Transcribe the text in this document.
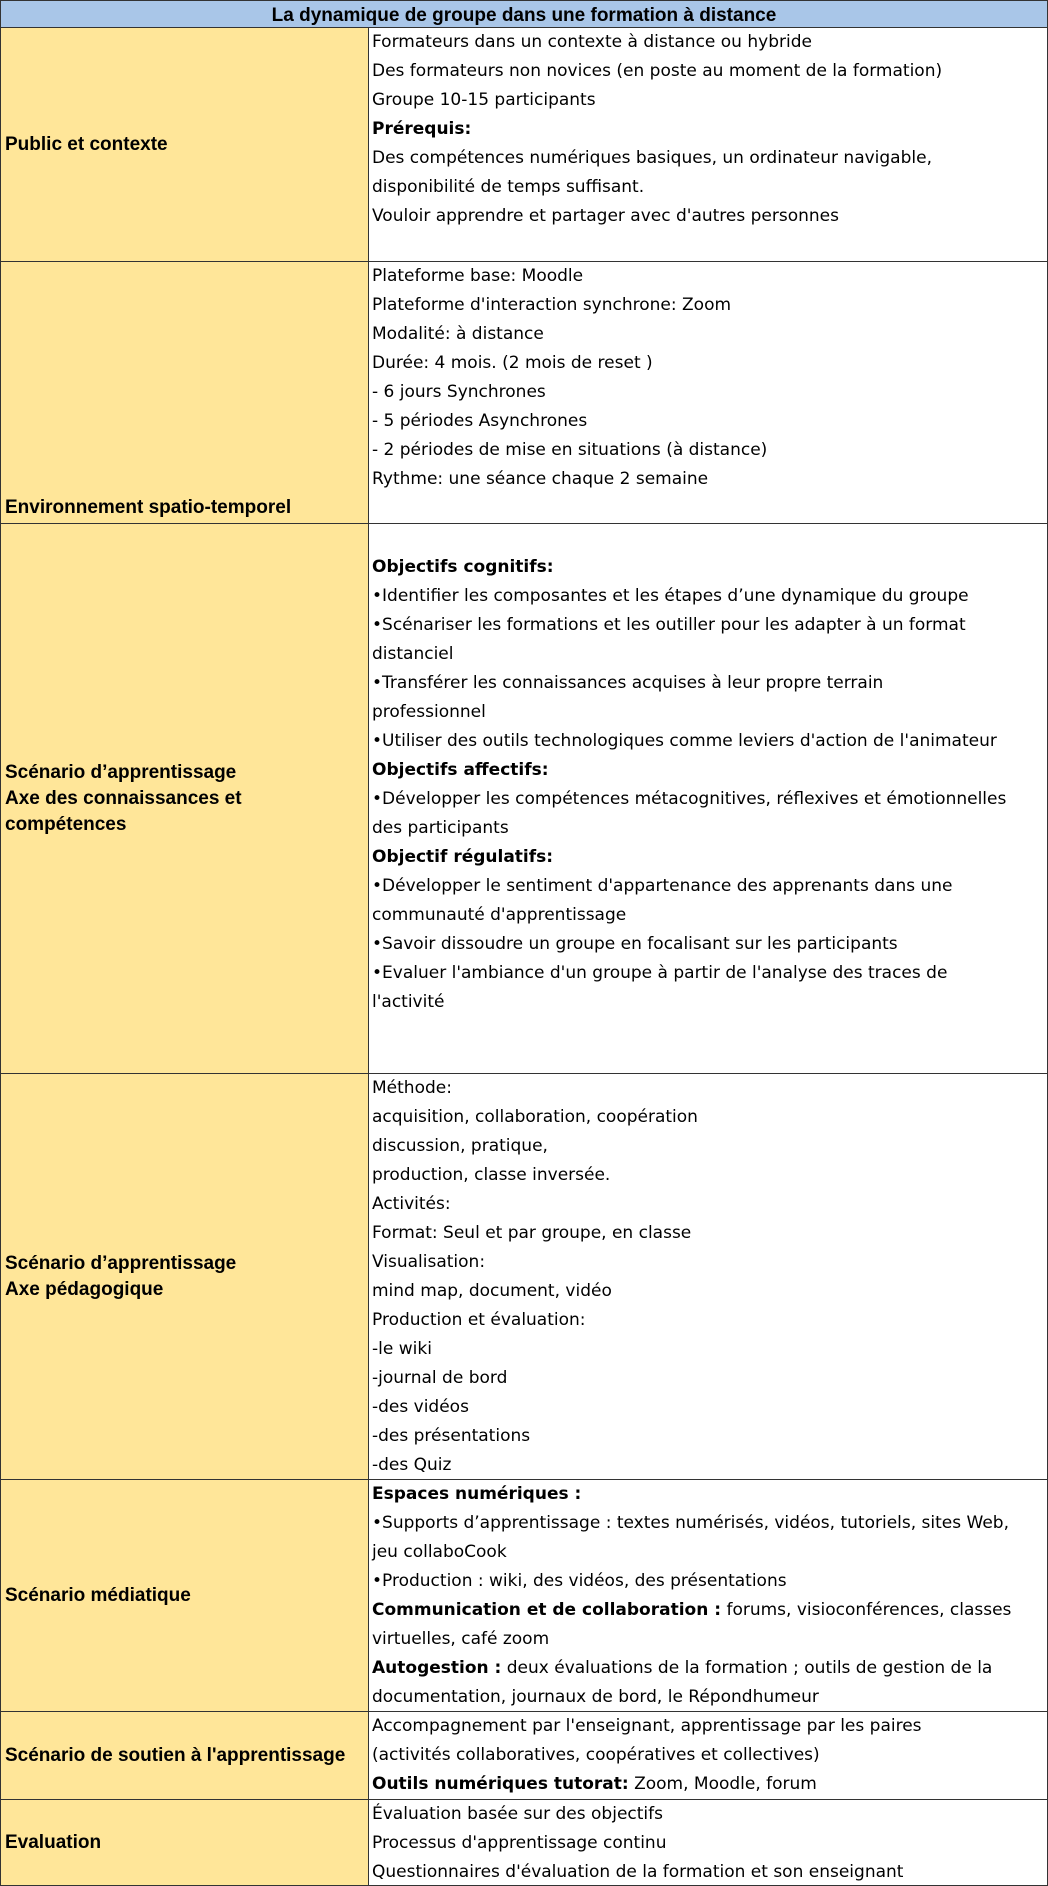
La dynamique de groupe dans une formation à distance
Public et contexte
Formateurs dans un contexte à distance ou hybride
Des formateurs non novices (en poste au moment de la formation)
Groupe 10-15 participants
Prérequis:
Des compétences numériques basiques, un ordinateur navigable,
disponibilité de temps suffisant.
Vouloir apprendre et partager avec d'autres personnes
Environnement spatio-temporel
Plateforme base: Moodle
Plateforme d'interaction synchrone: Zoom
Modalité: à distance
Durée: 4 mois. (2 mois de reset )
- 6 jours Synchrones
- 5 périodes Asynchrones
- 2 périodes de mise en situations (à distance)
Rythme: une séance chaque 2 semaine
Scénario d’apprentissage
Axe des connaissances et
compétences
Objectifs cognitifs:
•Identifier les composantes et les étapes d’une dynamique du groupe
•Scénariser les formations et les outiller pour les adapter à un format
distanciel
•Transférer les connaissances acquises à leur propre terrain
professionnel
•Utiliser des outils technologiques comme leviers d'action de l'animateur
Objectifs affectifs:
•Développer les compétences métacognitives, réflexives et émotionnelles
des participants
Objectif régulatifs:
•Développer le sentiment d'appartenance des apprenants dans une
communauté d'apprentissage
•Savoir dissoudre un groupe en focalisant sur les participants
•Evaluer l'ambiance d'un groupe à partir de l'analyse des traces de
l'activité
Scénario d’apprentissage
Axe pédagogique
Méthode:
acquisition, collaboration, coopération
discussion, pratique,
production, classe inversée.
Activités:
Format: Seul et par groupe, en classe
Visualisation:
mind map, document, vidéo
Production et évaluation:
-le wiki
-journal de bord
-des vidéos
-des présentations
-des Quiz
Scénario médiatique
Espaces numériques :
•Supports d’apprentissage : textes numérisés, vidéos, tutoriels, sites Web,
jeu collaboCook
•Production : wiki, des vidéos, des présentations
Communication et de collaboration : forums, visioconférences, classes
virtuelles, café zoom
Autogestion : deux évaluations de la formation ; outils de gestion de la
documentation, journaux de bord, le Répondhumeur
Scénario de soutien à l'apprentissage
Accompagnement par l'enseignant, apprentissage par les paires
(activités collaboratives, coopératives et collectives)
Outils numériques tutorat: Zoom, Moodle, forum
Evaluation
Évaluation basée sur des objectifs
Processus d'apprentissage continu
Questionnaires d'évaluation de la formation et son enseignant
